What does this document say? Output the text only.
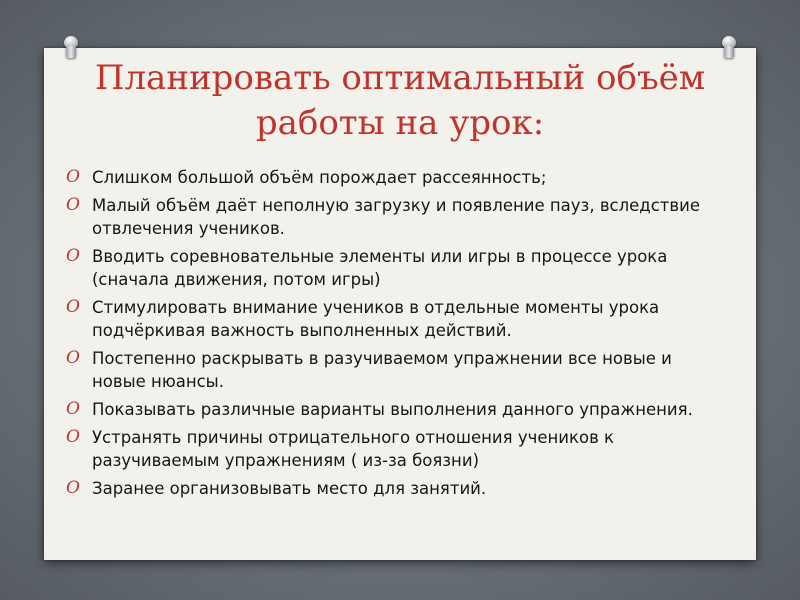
Планировать оптимальный объём работы на урок:
O Слишком большой объём порождает рассеянность;
O Малый объём даёт неполную загрузку и появление пауз, вследствие отвлечения учеников.
O Вводить соревновательные элементы или игры в процессе урока (сначала движения, потом игры)
O Стимулировать внимание учеников в отдельные моменты урока подчёркивая важность выполненных действий.
O Постепенно раскрывать в разучиваемом упражнении все новые и новые нюансы.
O Показывать различные варианты выполнения данного упражнения.
O Устранять причины отрицательного отношения учеников к разучиваемым упражнениям ( из-за боязни)
O Заранее организовывать место для занятий.
